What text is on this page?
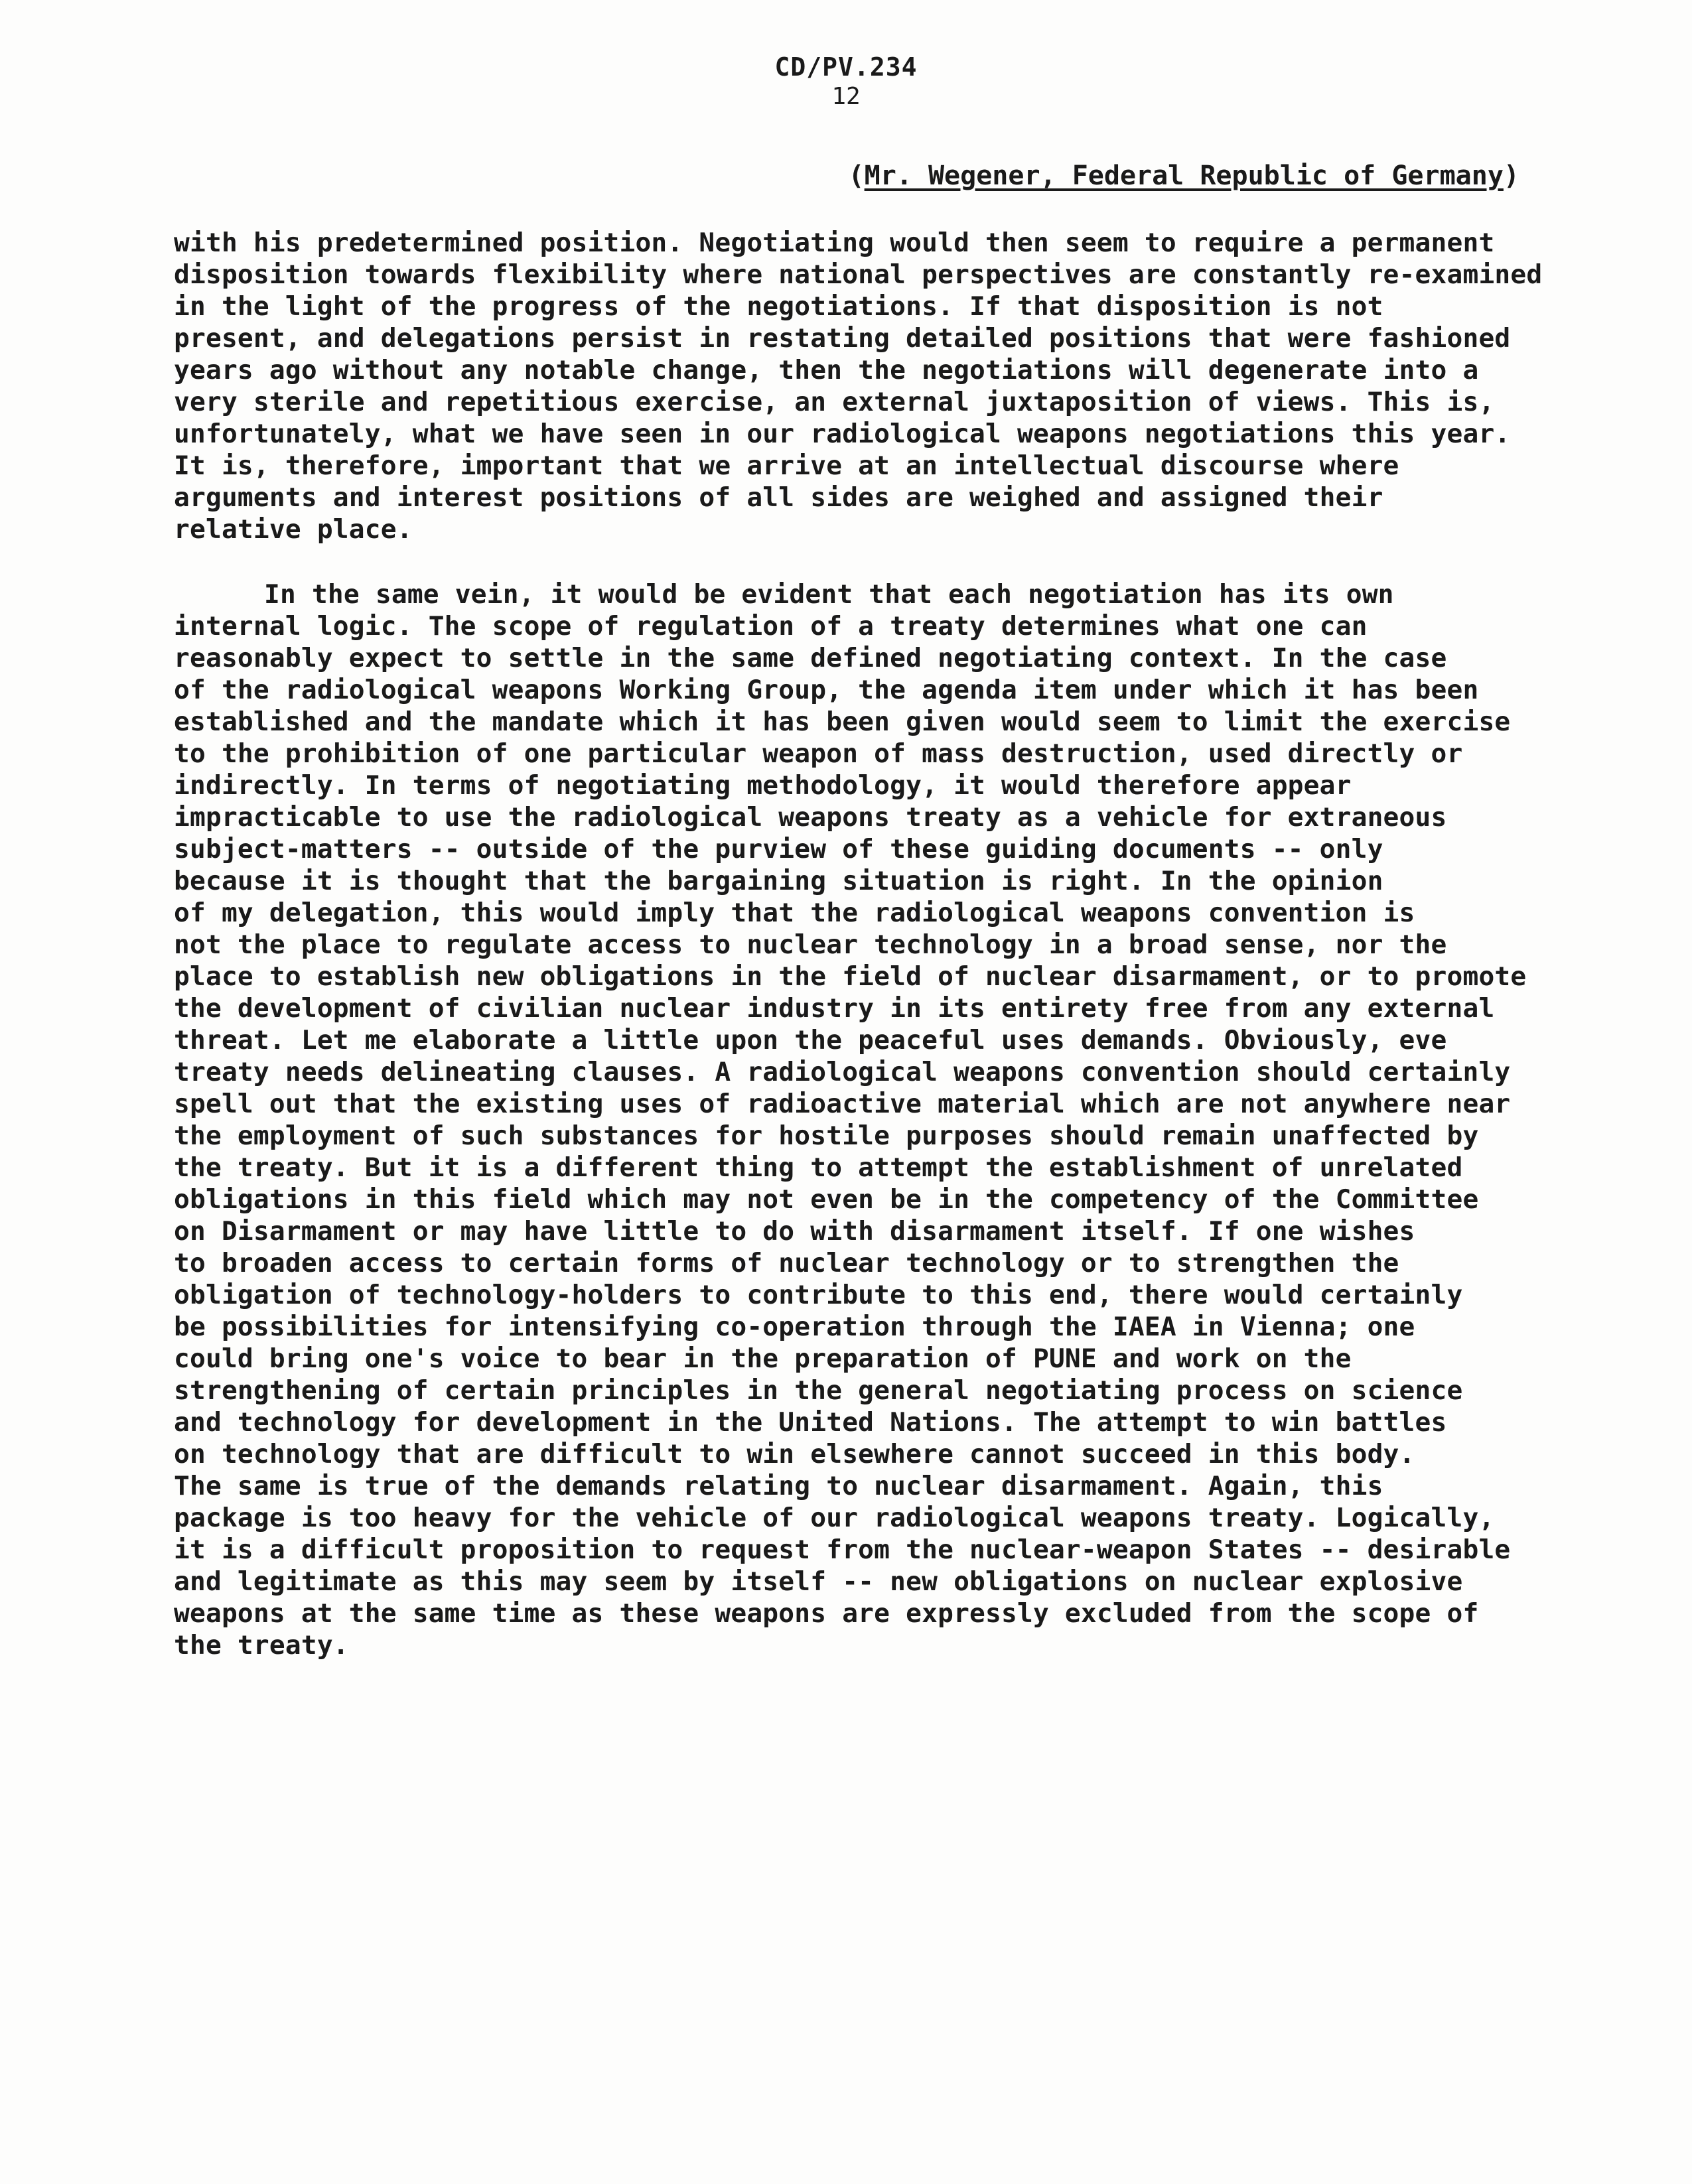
CD/PV.234
12
(Mr. Wegener, Federal Republic of Germany)
with his predetermined position. Negotiating would then seem to require a permanent
disposition towards flexibility where national perspectives are constantly re-examined
in the light of the progress of the negotiations. If that disposition is not
present, and delegations persist in restating detailed positions that were fashioned
years ago without any notable change, then the negotiations will degenerate into a
very sterile and repetitious exercise, an external juxtaposition of views. This is,
unfortunately, what we have seen in our radiological weapons negotiations this year.
It is, therefore, important that we arrive at an intellectual discourse where
arguments and interest positions of all sides are weighed and assigned their
relative place.
In the same vein, it would be evident that each negotiation has its own
internal logic. The scope of regulation of a treaty determines what one can
reasonably expect to settle in the same defined negotiating context. In the case
of the radiological weapons Working Group, the agenda item under which it has been
established and the mandate which it has been given would seem to limit the exercise
to the prohibition of one particular weapon of mass destruction, used directly or
indirectly. In terms of negotiating methodology, it would therefore appear
impracticable to use the radiological weapons treaty as a vehicle for extraneous
subject-matters -- outside of the purview of these guiding documents -- only
because it is thought that the bargaining situation is right. In the opinion
of my delegation, this would imply that the radiological weapons convention is
not the place to regulate access to nuclear technology in a broad sense, nor the
place to establish new obligations in the field of nuclear disarmament, or to promote
the development of civilian nuclear industry in its entirety free from any external
threat. Let me elaborate a little upon the peaceful uses demands. Obviously, eve
treaty needs delineating clauses. A radiological weapons convention should certainly
spell out that the existing uses of radioactive material which are not anywhere near
the employment of such substances for hostile purposes should remain unaffected by
the treaty. But it is a different thing to attempt the establishment of unrelated
obligations in this field which may not even be in the competency of the Committee
on Disarmament or may have little to do with disarmament itself. If one wishes
to broaden access to certain forms of nuclear technology or to strengthen the
obligation of technology-holders to contribute to this end, there would certainly
be possibilities for intensifying co-operation through the IAEA in Vienna; one
could bring one's voice to bear in the preparation of PUNE and work on the
strengthening of certain principles in the general negotiating process on science
and technology for development in the United Nations. The attempt to win battles
on technology that are difficult to win elsewhere cannot succeed in this body.
The same is true of the demands relating to nuclear disarmament. Again, this
package is too heavy for the vehicle of our radiological weapons treaty. Logically,
it is a difficult proposition to request from the nuclear-weapon States -- desirable
and legitimate as this may seem by itself -- new obligations on nuclear explosive
weapons at the same time as these weapons are expressly excluded from the scope of
the treaty.
